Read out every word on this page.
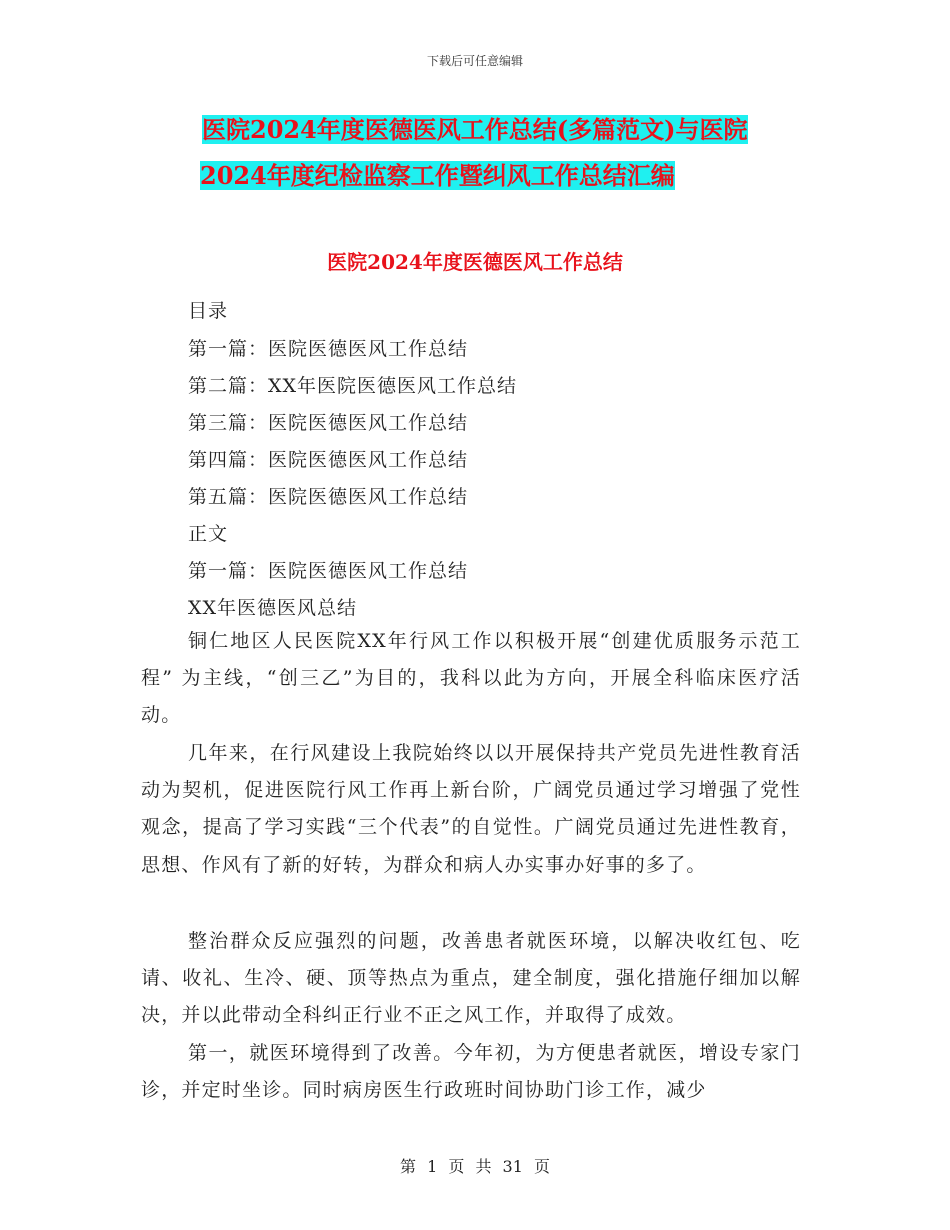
下载后可任意编辑
医院2024年度医德医风工作总结(多篇范文)与医院
2024年度纪检监察工作暨纠风工作总结汇编
医院2024年度医德医风工作总结
目录
第一篇：医院医德医风工作总结
第二篇：XX年医院医德医风工作总结
第三篇：医院医德医风工作总结
第四篇：医院医德医风工作总结
第五篇：医院医德医风工作总结
正文
第一篇：医院医德医风工作总结
XX年医德医风总结

铜仁地区人民医院XX年行风工作以积极开展“创建优质服务示范工程” 为主线，“创三乙”为目的，我科以此为方向，开展全科临床医疗活动。

几年来，在行风建设上我院始终以以开展保持共产党员先进性教育活动为契机，促进医院行风工作再上新台阶，广阔党员通过学习增强了党性观念，提高了学习实践“三个代表”的自觉性。广阔党员通过先进性教育，思想、作风有了新的好转，为群众和病人办实事办好事的多了。

整治群众反应强烈的问题，改善患者就医环境，以解决收红包、吃请、收礼、生冷、硬、顶等热点为重点，建全制度，强化措施仔细加以解决，并以此带动全科纠正行业不正之风工作，并取得了成效。

第一，就医环境得到了改善。今年初，为方便患者就医，增设专家门诊，并定时坐诊。同时病房医生行政班时间协助门诊工作，减少

第 1 页 共 31 页
